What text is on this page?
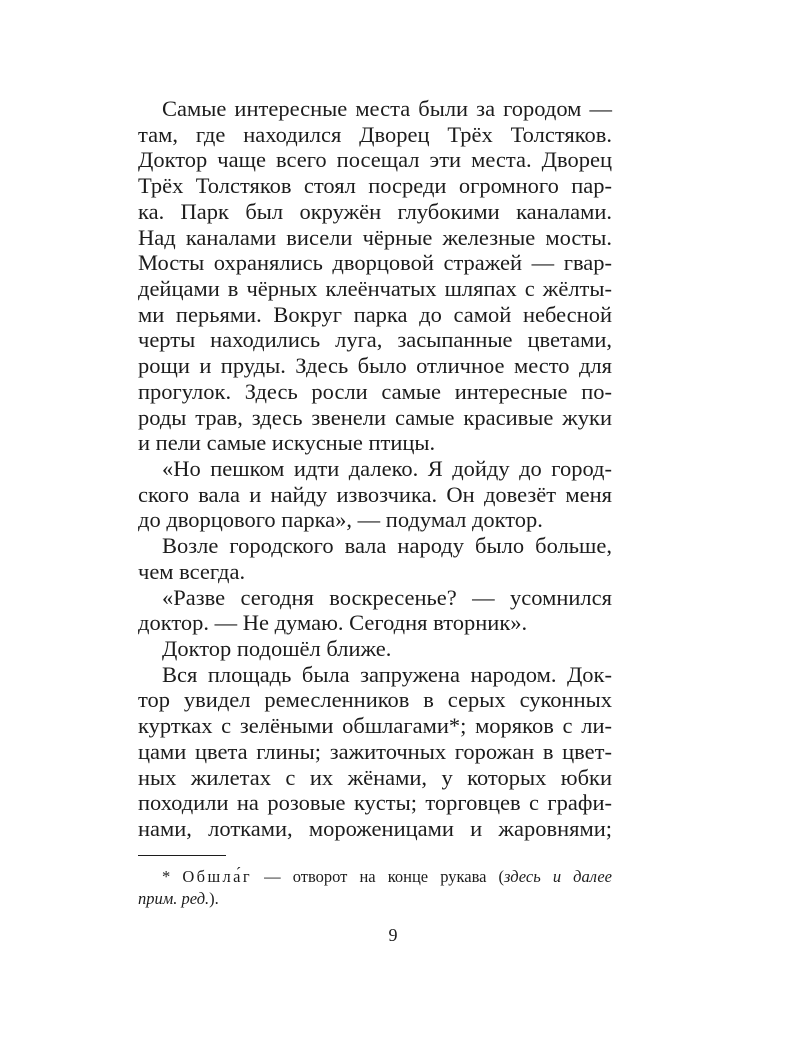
Самые интересные места были за городом —
там, где находился Дворец Трёх Толстяков.
Доктор чаще всего посещал эти места. Дворец
Трёх Толстяков стоял посреди огромного пар-
ка. Парк был окружён глубокими каналами.
Над каналами висели чёрные железные мосты.
Мосты охранялись дворцовой стражей — гвар-
дейцами в чёрных клеёнчатых шляпах с жёлты-
ми перьями. Вокруг парка до самой небесной
черты находились луга, засыпанные цветами,
рощи и пруды. Здесь было отличное место для
прогулок. Здесь росли самые интересные по-
роды трав, здесь звенели самые красивые жуки
и пели самые искусные птицы.
«Но пешком идти далеко. Я дойду до город-
ского вала и найду извозчика. Он довезёт меня
до дворцового парка», — подумал доктор.
Возле городского вала народу было больше,
чем всегда.
«Разве сегодня воскресенье? — усомнился
доктор. — Не думаю. Сегодня вторник».
Доктор подошёл ближе.
Вся площадь была запружена народом. Док-
тор увидел ремесленников в серых суконных
куртках с зелёными обшлагами*; моряков с ли-
цами цвета глины; зажиточных горожан в цвет-
ных жилетах с их жёнами, у которых юбки
походили на розовые кусты; торговцев с графи-
нами, лотками, мороженицами и жаровнями;
* Обшла́г — отворот на конце рукава (здесь и далее
прим. ред.).
9
